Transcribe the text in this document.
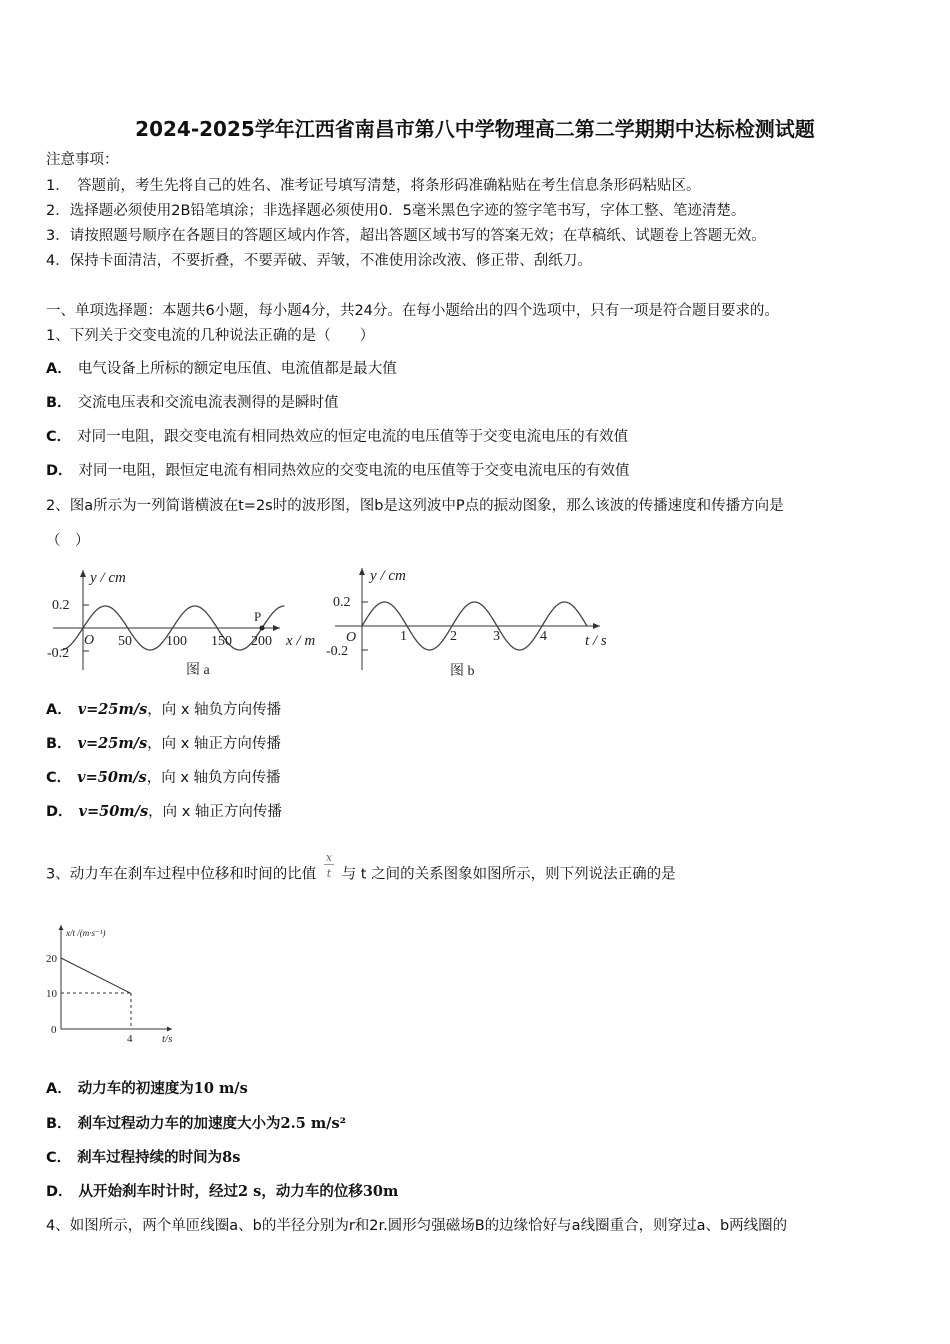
2024-2025学年江西省南昌市第八中学物理高二第二学期期中达标检测试题
注意事项：
1．　答题前，考生先将自己的姓名、准考证号填写清楚，将条形码准确粘贴在考生信息条形码粘贴区。
2．选择题必须使用2B铅笔填涂；非选择题必须使用0．5毫米黑色字迹的签字笔书写，字体工整、笔迹清楚。
3．请按照题号顺序在各题目的答题区域内作答，超出答题区域书写的答案无效；在草稿纸、试题卷上答题无效。
4．保持卡面清洁，不要折叠，不要弄破、弄皱，不准使用涂改液、修正带、刮纸刀。
一、单项选择题：本题共6小题，每小题4分，共24分。在每小题给出的四个选项中，只有一项是符合题目要求的。
1、下列关于交变电流的几种说法正确的是（　　）
A． 电气设备上所标的额定电压值、电流值都是最大值
B． 交流电压表和交流电流表测得的是瞬时值
C． 对同一电阻，跟交变电流有相同热效应的恒定电流的电压值等于交变电流电压的有效值
D． 对同一电阻，跟恒定电流有相同热效应的交变电流的电压值等于交变电流电压的有效值
2、图a所示为一列简谐横波在t=2s时的波形图，图b是这列波中P点的振动图象，那么该波的传播速度和传播方向是
（　）
y / cm
0.2
-0.2
O 50 100 150 200
P
x / m
图 a
y / cm
0.2
-0.2
O	1	2	3	4	t / s
图 b
A． v=25m/s，向 x 轴负方向传播
B． v=25m/s，向 x 轴正方向传播
C． v=50m/s，向 x 轴负方向传播
D． v=50m/s，向 x 轴正方向传播
3、动力车在刹车过程中位移和时间的比值 $\frac{x}{t}$ 与 t 之间的关系图象如图所示，则下列说法正确的是
x/t /(m·s⁻¹)
20
10
0
4	t/s
A． 动力车的初速度为10 m/s
B． 刹车过程动力车的加速度大小为2.5 m/s²
C． 刹车过程持续的时间为8s
D． 从开始刹车时计时，经过2 s，动力车的位移30m
4、如图所示，两个单匝线圈a、b的半径分别为r和2r.圆形匀强磁场B的边缘恰好与a线圈重合，则穿过a、b两线圈的
